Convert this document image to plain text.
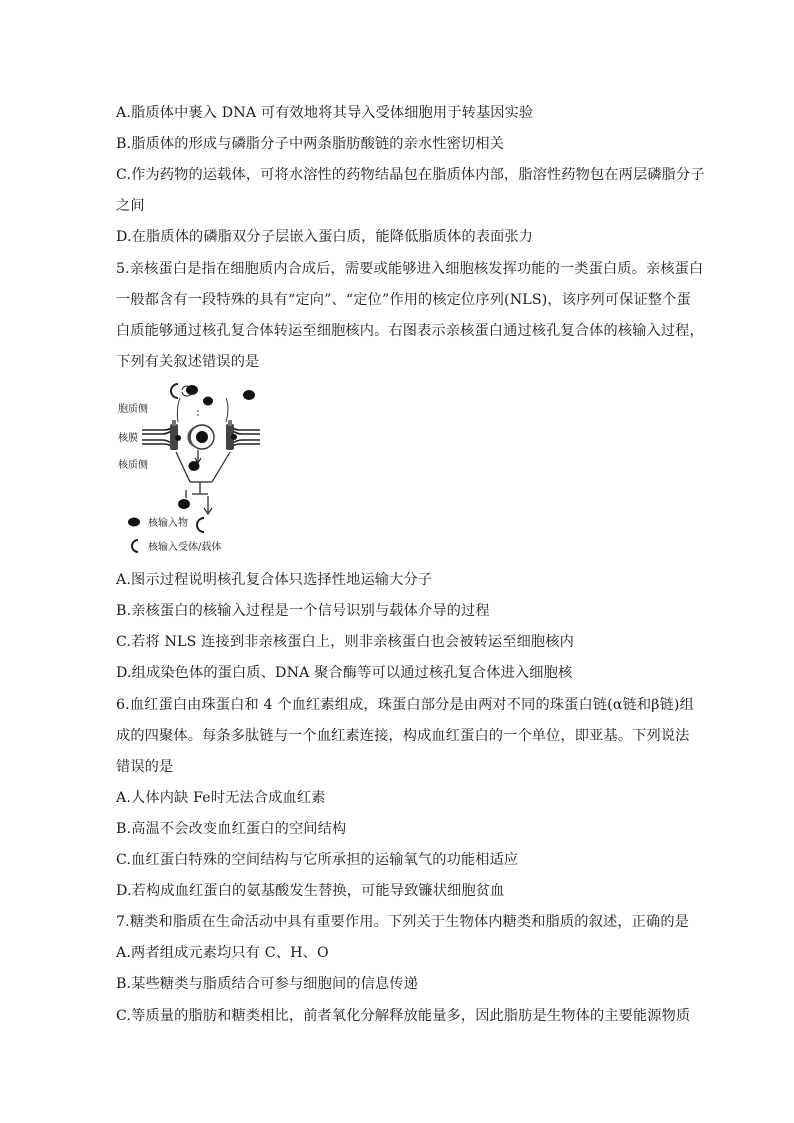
A.脂质体中裹入 DNA 可有效地将其导入受体细胞用于转基因实验
B.脂质体的形成与磷脂分子中两条脂肪酸链的亲水性密切相关
C.作为药物的运载体，可将水溶性的药物结晶包在脂质体内部，脂溶性药物包在两层磷脂分子
之间
D.在脂质体的磷脂双分子层嵌入蛋白质，能降低脂质体的表面张力
5.亲核蛋白是指在细胞质内合成后，需要或能够进入细胞核发挥功能的一类蛋白质。亲核蛋白
一般都含有一段特殊的具有“定向”、“定位”作用的核定位序列(NLS)，该序列可保证整个蛋
白质能够通过核孔复合体转运至细胞核内。右图表示亲核蛋白通过核孔复合体的核输入过程，
下列有关叙述错误的是
胞质侧
核膜
核质侧
核输入物
核输入受体/载体
A.图示过程说明核孔复合体只选择性地运输大分子
B.亲核蛋白的核输入过程是一个信号识别与载体介导的过程
C.若将 NLS 连接到非亲核蛋白上，则非亲核蛋白也会被转运至细胞核内
D.组成染色体的蛋白质、DNA 聚合酶等可以通过核孔复合体进入细胞核
6.血红蛋白由珠蛋白和 4 个血红素组成，珠蛋白部分是由两对不同的珠蛋白链(α链和β链)组
成的四聚体。每条多肽链与一个血红素连接，构成血红蛋白的一个单位，即亚基。下列说法
错误的是
A.人体内缺 Fe时无法合成血红素
B.高温不会改变血红蛋白的空间结构
C.血红蛋白特殊的空间结构与它所承担的运输氧气的功能相适应
D.若构成血红蛋白的氨基酸发生替换，可能导致镰状细胞贫血
7.糖类和脂质在生命活动中具有重要作用。下列关于生物体内糖类和脂质的叙述，正确的是
A.两者组成元素均只有 C、H、O
B.某些糖类与脂质结合可参与细胞间的信息传递
C.等质量的脂肪和糖类相比，前者氧化分解释放能量多，因此脂肪是生物体的主要能源物质
